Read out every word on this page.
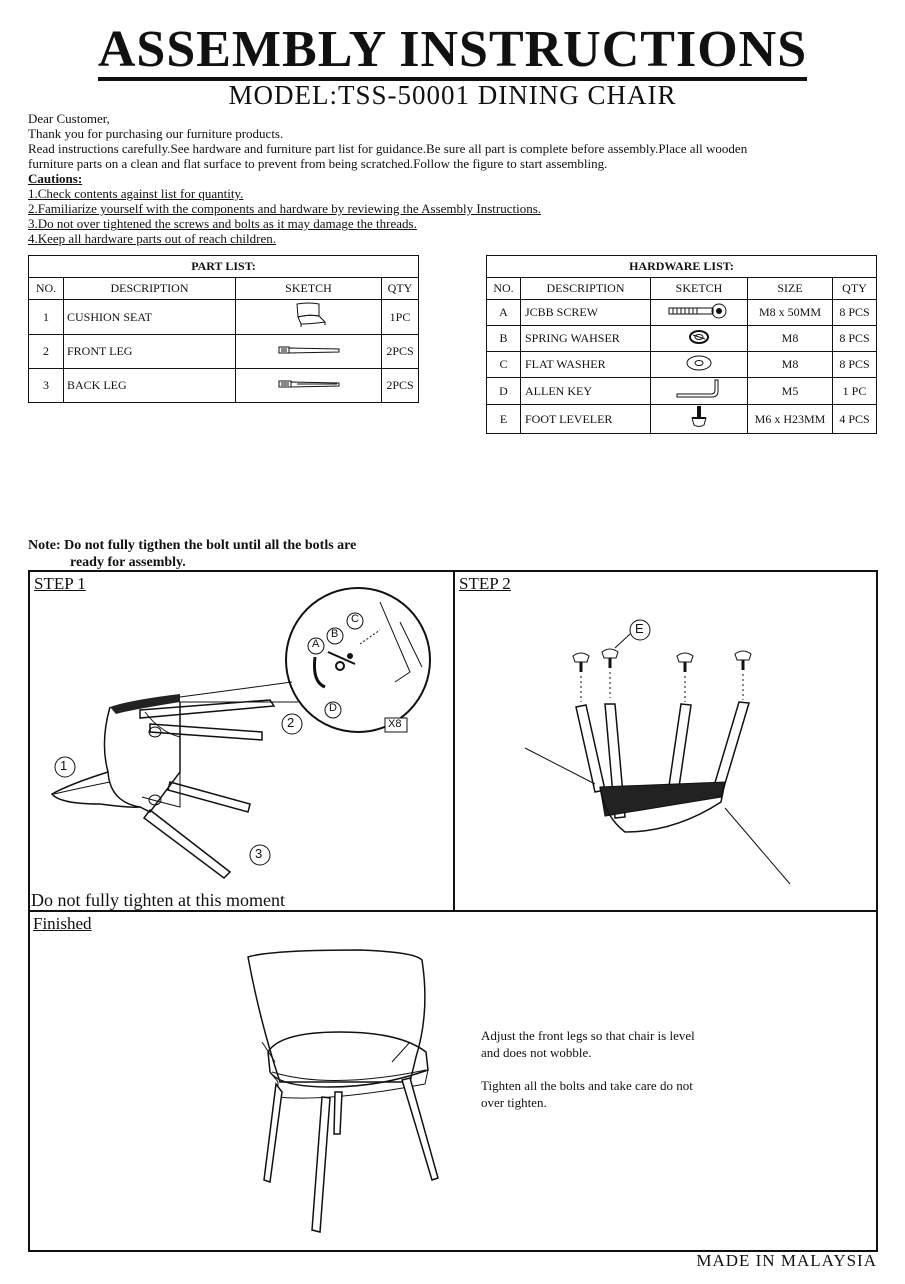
ASSEMBLY INSTRUCTIONS
MODEL:TSS-50001 DINING CHAIR
Dear Customer,
Thank you for purchasing our furniture products.
Read instructions carefully.See hardware and furniture part list for guidance.Be sure all part is complete before assembly.Place all wooden
furniture parts on a clean and flat surface to prevent from being scratched.Follow the figure to start assembling.
Cautions:
1.Check contents against list for quantity.
2.Familiarize yourself with the components and hardware by reviewing the Assembly Instructions.
3.Do not over tightened the screws and bolts as it may damage the threads.
4.Keep all hardware parts out of reach children.
PART LIST:			
NO.	DESCRIPTION	SKETCH	QTY
1	CUSHION SEAT		1PC
2	FRONT LEG		2PCS
3	BACK LEG		2PCS
HARDWARE LIST:				
NO.	DESCRIPTION	SKETCH	SIZE	QTY
A	JCBB SCREW		M8 x 50MM	8 PCS
B	SPRING WAHSER		M8	8 PCS
C	FLAT WASHER		M8	8 PCS
D	ALLEN KEY		M5	1 PC
E	FOOT LEVELER		M6 x H23MM	4 PCS
Note: Do not fully tigthen the bolt until all the botls are
ready for assembly.
STEP 1
1
2
3
A
B
C
D
X8
Do not fully tighten at this moment
STEP 2
E
Finished
Adjust the front legs so that chair is level
and does not wobble.
Tighten all the bolts and take care do not
over tighten.
MADE IN MALAYSIA
